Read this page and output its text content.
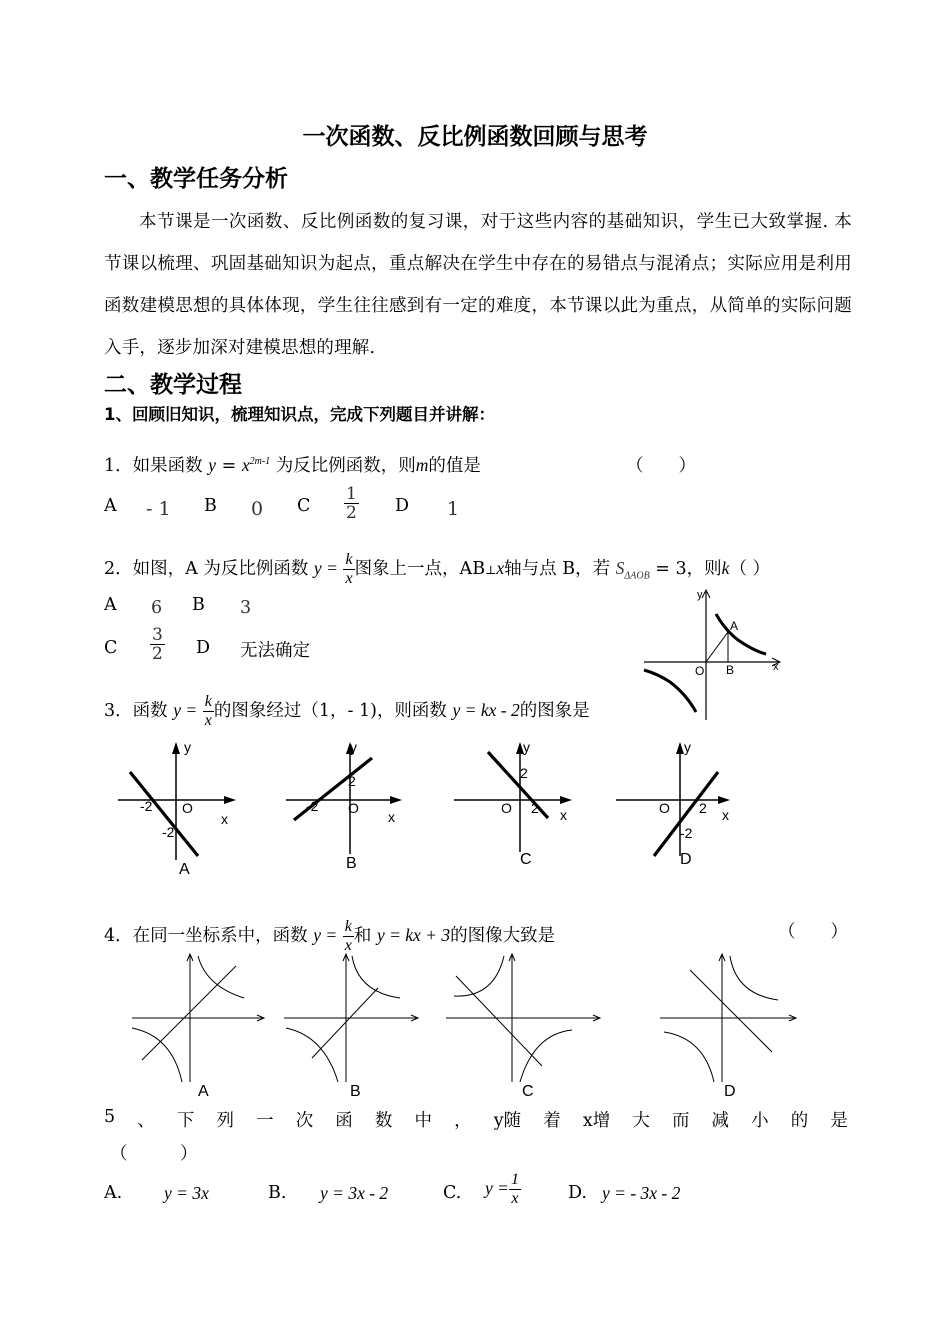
一次函数、反比例函数回顾与思考
一、教学任务分析
本节课是一次函数、反比例函数的复习课，对于这些内容的基础知识，学生已大致掌握. 本节课以梳理、巩固基础知识为起点，重点解决在学生中存在的易错点与混淆点；实际应用是利用函数建模思想的具体体现，学生往往感到有一定的难度，本节课以此为重点，从简单的实际问题入手，逐步加深对建模思想的理解.
二、教学过程
1、回顾旧知识，梳理知识点，完成下列题目并讲解：
1．如果函数 $y = x^{2m-1}$ 为反比例函数，则m的值是	（　　）
A - 1 B 0 C $\frac{1}{2}$ D 1
2．如图，A 为反比例函数 $y = \frac{k}{x}$ 图象上一点，AB⊥x轴与点 B，若 $S_{\Delta AOB} = 3$，则k（ ）
A 6 B 3
C $\frac{3}{2}$ D 无法确定
y
x
O
A
B
3．函数 $y = \frac{k}{x}$ 的图象经过（1，- 1)，则函数 y = kx - 2的图象是
-2
-2
O
x
y
A
-2
2
O
x
y
B
2
2
O	x
y
C
2
-2
O	x
y
D
4．在同一坐标系中，函数 $y = \frac{k}{x}$ 和 y = kx + 3的图像大致是	（　　）
A	B	C	D
5 、 下 列 一 次 函 数 中 ， y随 着 x增 大 而 减 小 的 是
（　　　）
A. y = 3x	B. y = 3x - 2	C. $y = \frac{1}{x}$	D. y = - 3x - 2
